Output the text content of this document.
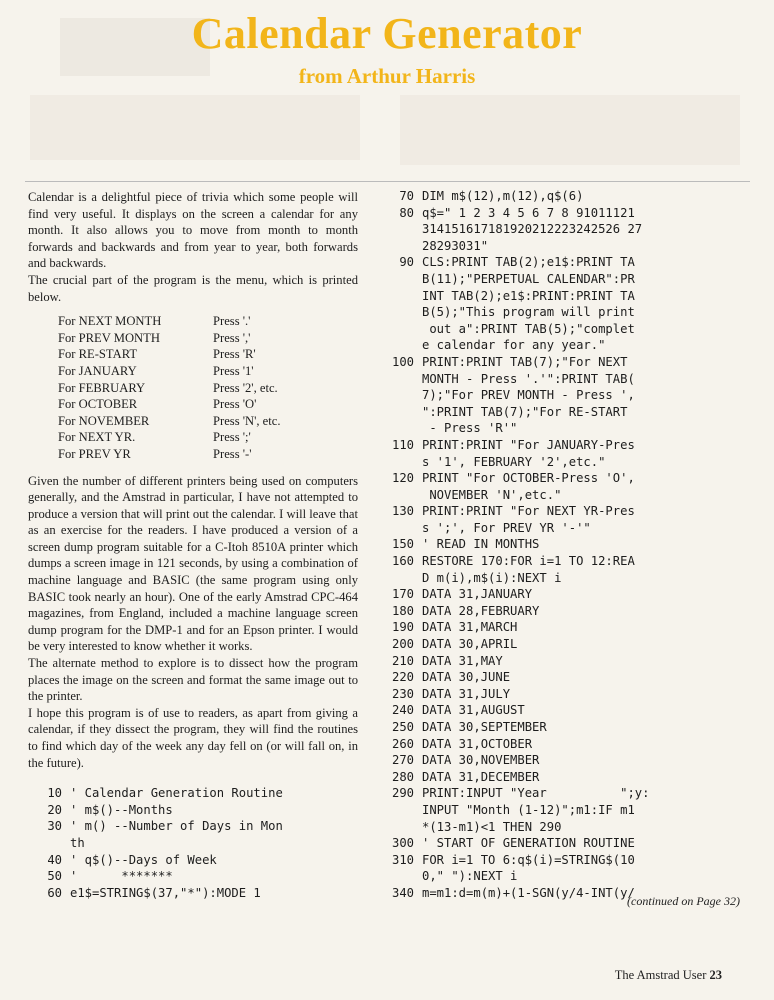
Calendar Generator
from Arthur Harris

Calendar is a delightful piece of trivia which some people will find very useful. It displays on the screen a calendar for any month. It also allows you to move from month to month forwards and backwards and from year to year, both forwards and backwards.

The crucial part of the program is the menu, which is printed below.

For NEXT MONTH	Press '.'
For PREV MONTH	Press ','
For RE-START	Press 'R'
For JANUARY	Press '1'
For FEBRUARY	Press '2', etc.
For OCTOBER	Press 'O'
For NOVEMBER	Press 'N', etc.
For NEXT YR.	Press ';'
For PREV YR	Press '-'

Given the number of different printers being used on computers generally, and the Amstrad in particular, I have not attempted to produce a version that will print out the calendar. I will leave that as an exercise for the readers. I have produced a version of a screen dump program suitable for a C-Itoh 8510A printer which dumps a screen image in 121 seconds, by using a combination of machine language and BASIC (the same program using only BASIC took nearly an hour). One of the early Amstrad CPC-464 magazines, from England, included a machine language screen dump program for the DMP-1 and for an Epson printer. I would be very interested to know whether it works.

The alternate method to explore is to dissect how the program places the image on the screen and format the same image out to the printer.

I hope this program is of use to readers, as apart from giving a calendar, if they dissect the program, they will find the routines to find which day of the week any day fell on (or will fall on, in the future).

10 ' Calendar Generation Routine
20 ' m$()--Months
30 ' m() --Number of Days in Mon
th
40 ' q$()--Days of Week
50 '      *******
60 e1$=STRING$(37,"*"):MODE 1
70 DIM m$(12),m(12),q$(6)
80 q$=" 1 2 3 4 5 6 7 8 91011121
314151617181920212223242526 27
28293031"
90 CLS:PRINT TAB(2);e1$:PRINT TA
B(11);"PERPETUAL CALENDAR":PR
INT TAB(2);e1$:PRINT:PRINT TA
B(5);"This program will print
out a":PRINT TAB(5);"complet
e calendar for any year."
100 PRINT:PRINT TAB(7);"For NEXT
MONTH - Press '.'":PRINT TAB(
7);"For PREV MONTH - Press ',
":PRINT TAB(7);"For RE-START
- Press 'R'"
110 PRINT:PRINT "For JANUARY-Pres
s '1', FEBRUARY '2',etc."
120 PRINT "For OCTOBER-Press 'O',
NOVEMBER 'N',etc."
130 PRINT:PRINT "For NEXT YR-Pres
s ';', For PREV YR '-'"
150 ' READ IN MONTHS
160 RESTORE 170:FOR i=1 TO 12:REA
D m(i),m$(i):NEXT i
170 DATA 31,JANUARY
180 DATA 28,FEBRUARY
190 DATA 31,MARCH
200 DATA 30,APRIL
210 DATA 31,MAY
220 DATA 30,JUNE
230 DATA 31,JULY
240 DATA 31,AUGUST
250 DATA 30,SEPTEMBER
260 DATA 31,OCTOBER
270 DATA 30,NOVEMBER
280 DATA 31,DECEMBER
290 PRINT:INPUT "Year          ";y:
INPUT "Month (1-12)";m1:IF m1
*(13-m1)<1 THEN 290
300 ' START OF GENERATION ROUTINE
310 FOR i=1 TO 6:q$(i)=STRING$(10
0," "):NEXT i
340 m=m1:d=m(m)+(1-SGN(y/4-INT(y/
(continued on Page 32)
The Amstrad User 23
